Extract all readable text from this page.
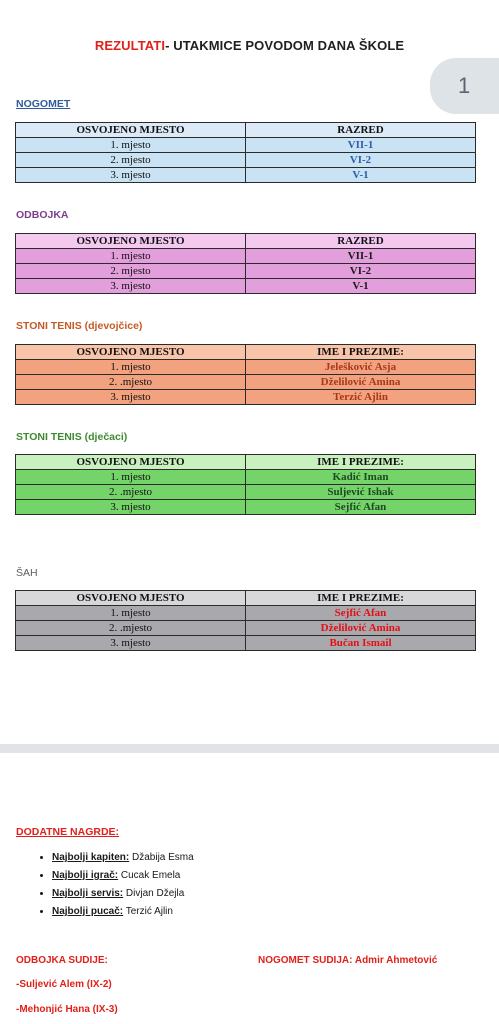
REZULTATI- UTAKMICE POVODOM DANA ŠKOLE
1
NOGOMET
OSVOJENO MJESTO	RAZRED
1. mjesto	VII-1
2. mjesto	VI-2
3. mjesto	V-1
ODBOJKA
OSVOJENO MJESTO	RAZRED
1. mjesto	VII-1
2. mjesto	VI-2
3. mjesto	V-1
STONI TENIS (djevojčice)
OSVOJENO MJESTO	IME I PREZIME:
1. mjesto	Jelešković Asja
2. .mjesto	Dželilović Amina
3. mjesto	Terzić Ajlin
STONI TENIS (dječaci)
OSVOJENO MJESTO	IME I PREZIME:
1. mjesto	Kadić Iman
2. .mjesto	Suljević Ishak
3. mjesto	Sejfić Afan
ŠAH
OSVOJENO MJESTO	IME I PREZIME:
1. mjesto	Sejfić Afan
2. .mjesto	Dželilović Amina
3. mjesto	Bučan Ismail
DODATNE NAGRDE:
• Najbolji kapiten: Džabija Esma
• Najbolji igrač: Cucak Emela
• Najbolji servis: Divjan Džejla
• Najbolji pucač: Terzić Ajlin
ODBOJKA SUDIJE:	NOGOMET SUDIJA: Admir Ahmetović
-Suljević Alem (IX-2)
-Mehonjić Hana (IX-3)
